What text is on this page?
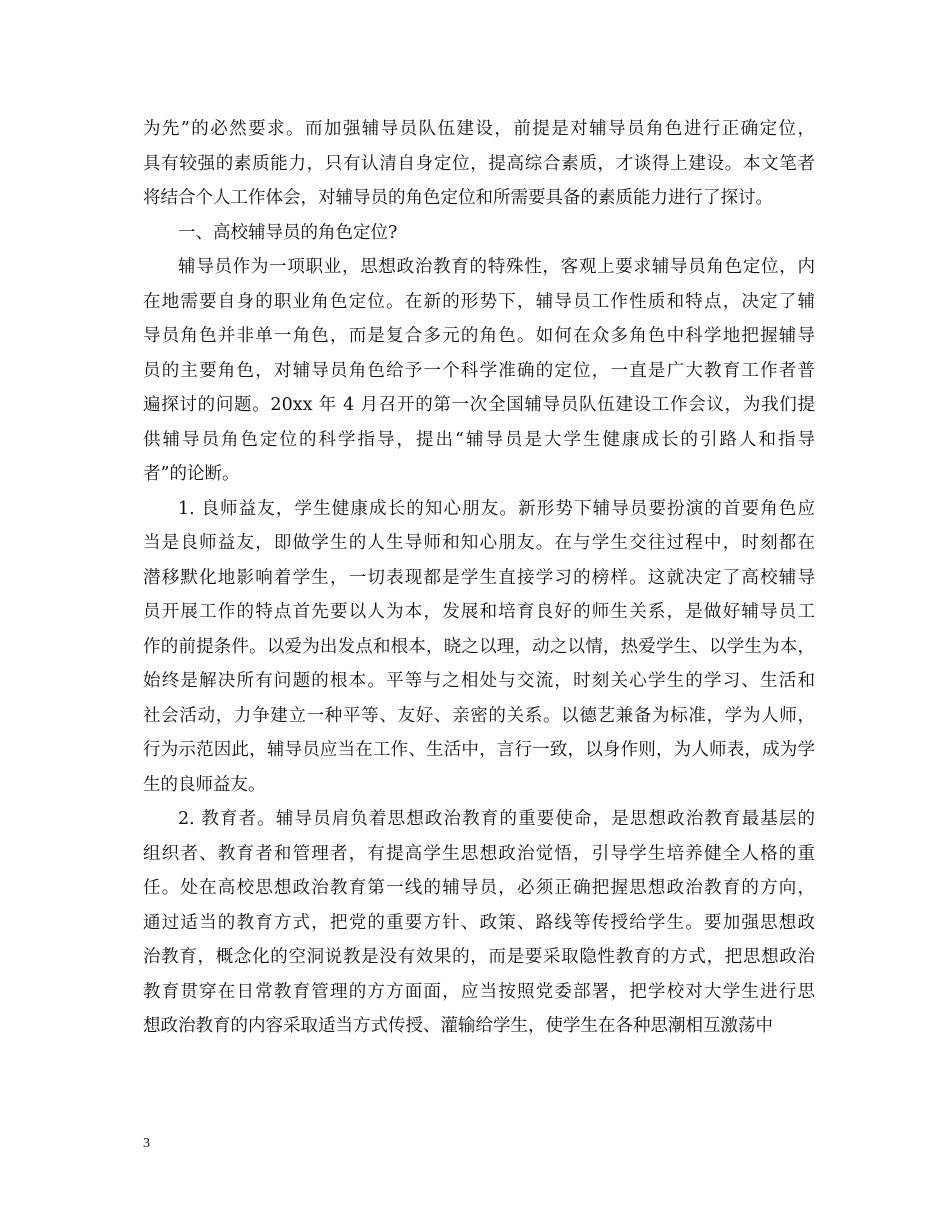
为先”的必然要求。而加强辅导员队伍建设，前提是对辅导员角色进行正确定位，
具有较强的素质能力，只有认清自身定位，提高综合素质，才谈得上建设。本文笔者
将结合个人工作体会，对辅导员的角色定位和所需要具备的素质能力进行了探讨。

一、高校辅导员的角色定位?

辅导员作为一项职业，思想政治教育的特殊性，客观上要求辅导员角色定位，内
在地需要自身的职业角色定位。在新的形势下，辅导员工作性质和特点，决定了辅
导员角色并非单一角色，而是复合多元的角色。如何在众多角色中科学地把握辅导
员的主要角色，对辅导员角色给予一个科学准确的定位，一直是广大教育工作者普
遍探讨的问题。20xx 年 4 月召开的第一次全国辅导员队伍建设工作会议，为我们提
供辅导员角色定位的科学指导，提出“辅导员是大学生健康成长的引路人和指导
者”的论断。

1. 良师益友，学生健康成长的知心朋友。新形势下辅导员要扮演的首要角色应
当是良师益友，即做学生的人生导师和知心朋友。在与学生交往过程中，时刻都在
潜移默化地影响着学生，一切表现都是学生直接学习的榜样。这就决定了高校辅导
员开展工作的特点首先要以人为本，发展和培育良好的师生关系，是做好辅导员工
作的前提条件。以爱为出发点和根本，晓之以理，动之以情，热爱学生、以学生为本，
始终是解决所有问题的根本。平等与之相处与交流，时刻关心学生的学习、生活和
社会活动，力争建立一种平等、友好、亲密的关系。以德艺兼备为标准，学为人师，
行为示范因此，辅导员应当在工作、生活中，言行一致，以身作则，为人师表，成为学
生的良师益友。

2. 教育者。辅导员肩负着思想政治教育的重要使命，是思想政治教育最基层的
组织者、教育者和管理者，有提高学生思想政治觉悟，引导学生培养健全人格的重
任。处在高校思想政治教育第一线的辅导员，必须正确把握思想政治教育的方向，
通过适当的教育方式，把党的重要方针、政策、路线等传授给学生。要加强思想政
治教育，概念化的空洞说教是没有效果的，而是要采取隐性教育的方式，把思想政治
教育贯穿在日常教育管理的方方面面，应当按照党委部署，把学校对大学生进行思
想政治教育的内容采取适当方式传授、灌输给学生，使学生在各种思潮相互激荡中

3
